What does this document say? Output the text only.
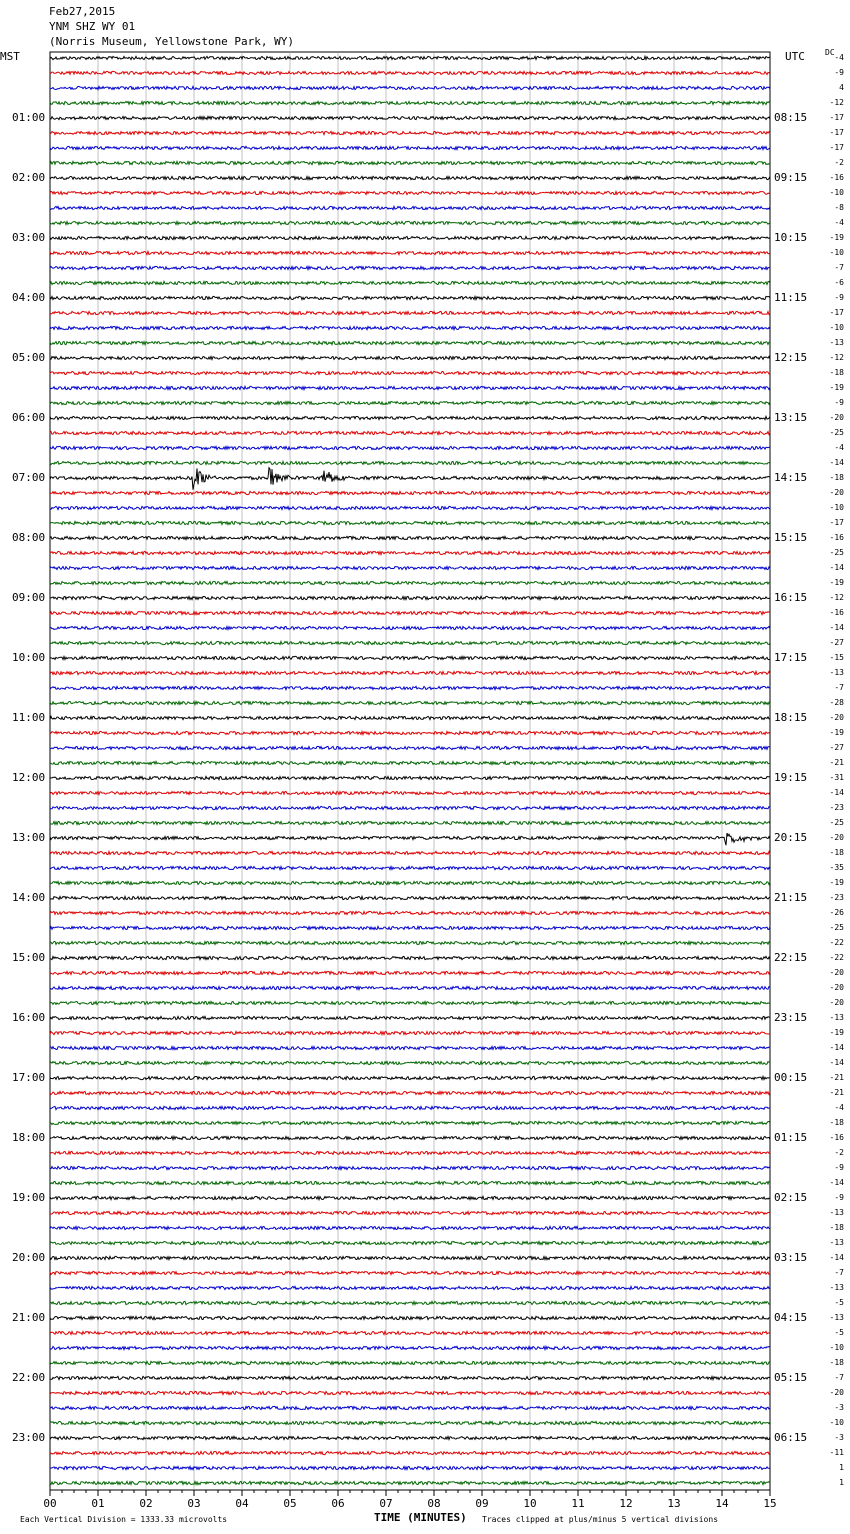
00	01	02	03	04	05	06	07	08	09	10	11	12	13	14	15
Feb27,2015
YNM SHZ WY 01
(Norris Museum, Yellowstone Park, WY)
MST	UTC	DC
01:00
02:00
03:00
04:00
05:00
06:00
07:00
08:00
09:00
10:00
11:00
12:00
13:00
14:00
15:00
16:00
17:00
18:00
19:00
20:00
21:00
22:00
23:00
08:15
09:15
10:15
11:15
12:15
13:15
14:15
15:15
16:15
17:15
18:15
19:15
20:15
21:15
22:15
23:15
00:15
01:15
02:15
03:15
04:15
05:15
06:15
-4
-9
4
-12
-17
-17
-17
-2
-16
-10
-8
-4
-19
-10
-7
-6
-9
-17
-10
-13
-12
-18
-19
-9
-20
-25
-4
-14
-18
-20
-10
-17
-16
-25
-14
-19
-12
-16
-14
-27
-15
-13
-7
-28
-20
-19
-27
-21
-31
-14
-23
-25
-20
-18
-35
-19
-23
-26
-25
-22
-22
-20
-20
-20
-13
-19
-14
-14
-21
-21
-4
-18
-16
-2
-9
-14
-9
-13
-18
-13
-14
-7
-13
-5
-13
-5
-10
-18
-7
-20
-3
-10
-3
-11
1
1
Each Vertical Division = 1333.33 microvolts	TIME (MINUTES) Traces clipped at plus/minus 5 vertical divisions
